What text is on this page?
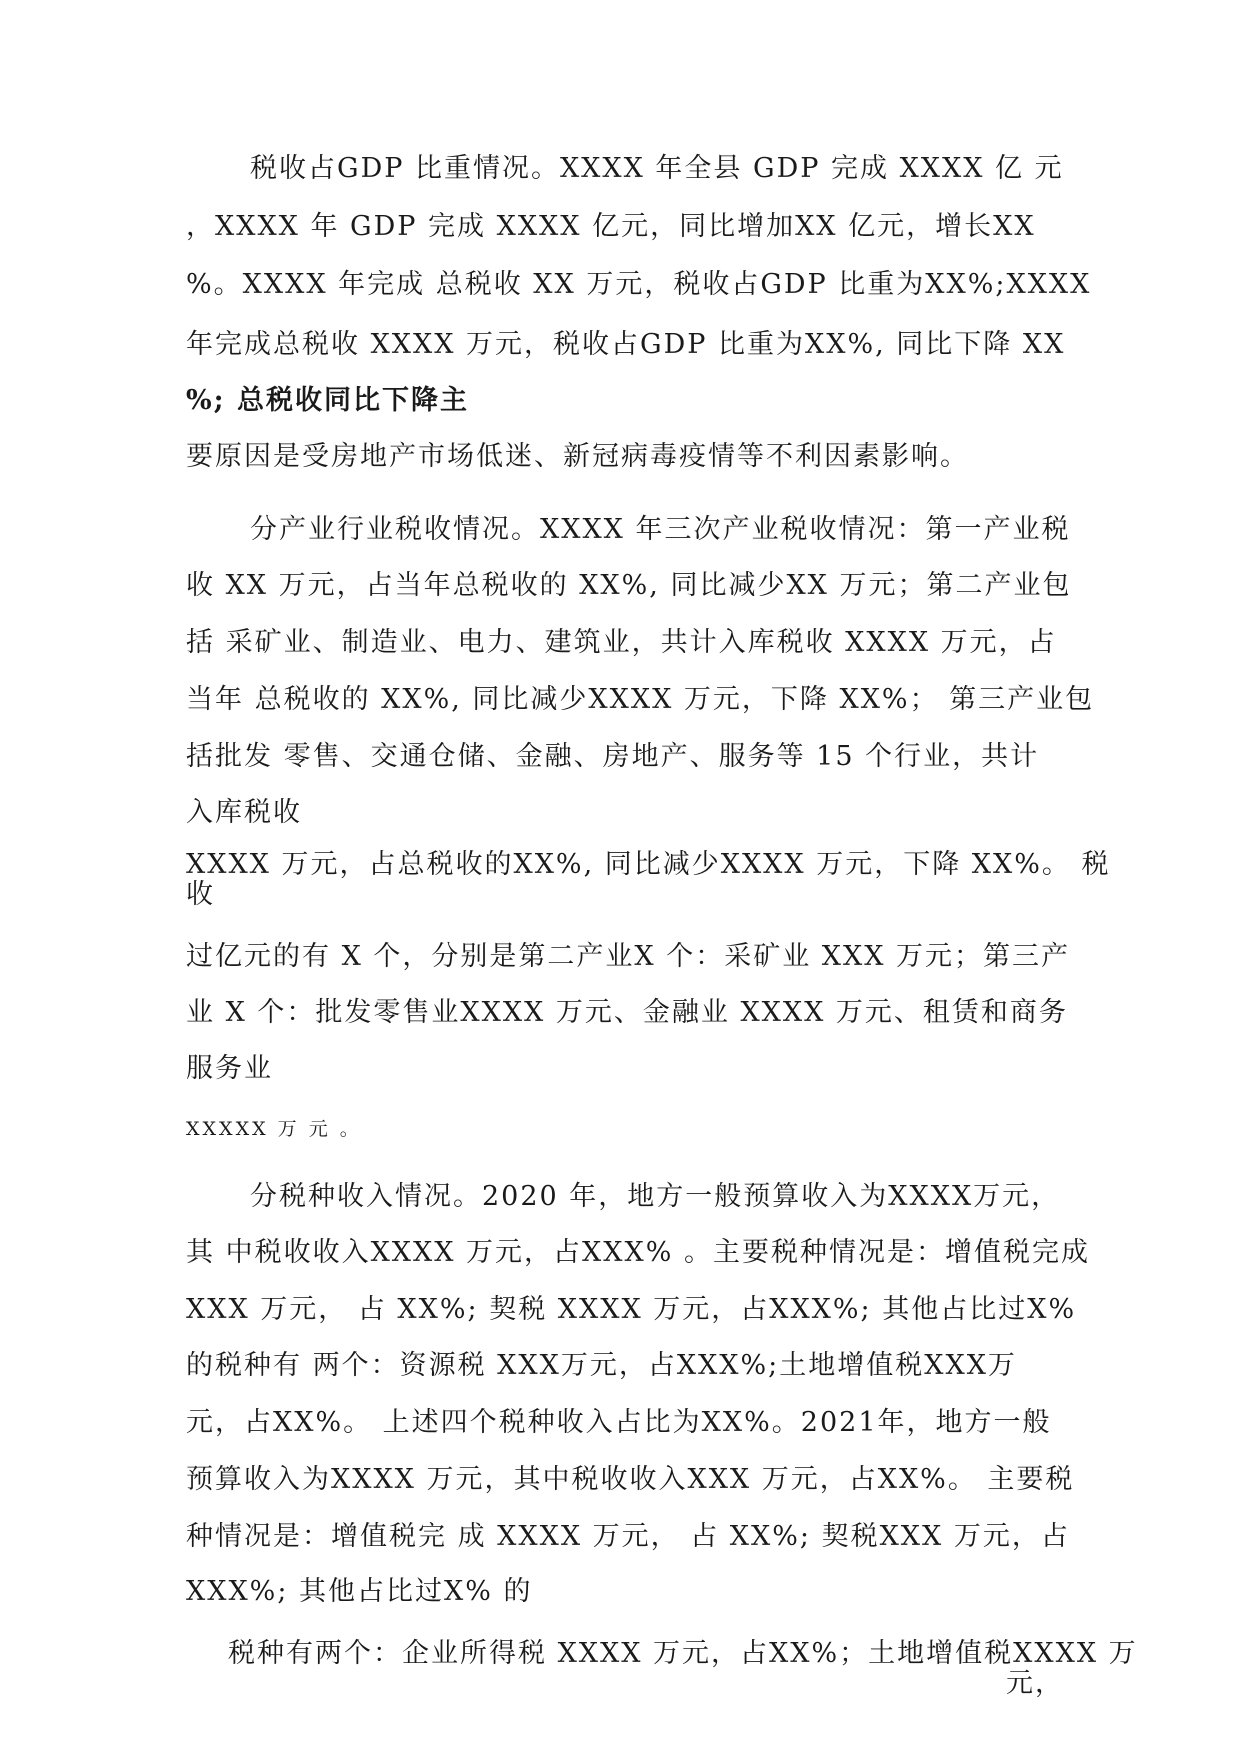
税收占GDP 比重情况。XXXX 年全县 GDP 完成 XXXX 亿 元
，XXXX 年 GDP 完成 XXXX 亿元，同比增加XX 亿元，增长XX
%。XXXX 年完成 总税收 XX 万元，税收占GDP 比重为XX%;XXXX
年完成总税收 XXXX 万元，税收占GDP 比重为XX%, 同比下降 XX
%; 总税收同比下降主
要原因是受房地产市场低迷、新冠病毒疫情等不利因素影响。
分产业行业税收情况。XXXX 年三次产业税收情况：第一产业税
收 XX 万元，占当年总税收的 XX%, 同比减少XX 万元；第二产业包
括 采矿业、制造业、电力、建筑业，共计入库税收 XXXX 万元，占
当年 总税收的 XX%, 同比减少XXXX 万元，下降 XX%； 第三产业包
括批发 零售、交通仓储、金融、房地产、服务等 15 个行业，共计
入库税收
XXXX 万元，占总税收的XX%, 同比减少XXXX 万元，下降 XX%。 税
收
过亿元的有 X 个，分别是第二产业X 个：采矿业 XXX 万元；第三产
业 X 个：批发零售业XXXX 万元、金融业 XXXX 万元、租赁和商务
服务业
XXXXX 万 元 。
分税种收入情况。2020 年，地方一般预算收入为XXXX万元，
其 中税收收入XXXX 万元，占XXX% 。主要税种情况是：增值税完成
XXX 万元， 占 XX%; 契税 XXXX 万元，占XXX%; 其他占比过X%
的税种有 两个：资源税 XXX万元，占XXX%;土地增值税XXX万
元，占XX%。 上述四个税种收入占比为XX%。2021年，地方一般
预算收入为XXXX 万元，其中税收收入XXX 万元，占XX%。 主要税
种情况是：增值税完 成 XXXX 万元， 占 XX%; 契税XXX 万元，占
XXX%; 其他占比过X% 的
税种有两个：企业所得税 XXXX 万元，占XX%；土地增值税XXXX 万
元，
